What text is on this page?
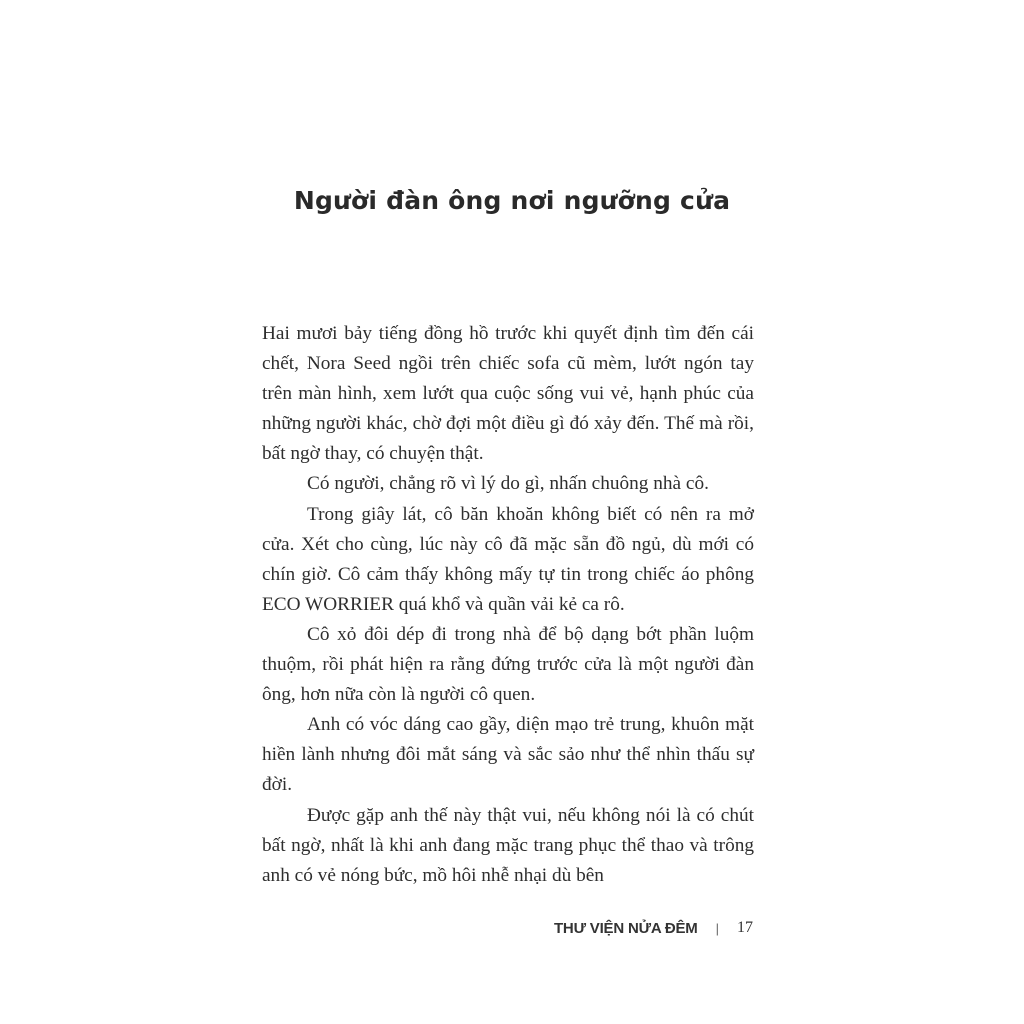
Người đàn ông nơi ngưỡng cửa

Hai mươi bảy tiếng đồng hồ trước khi quyết định tìm đến cái chết, Nora Seed ngồi trên chiếc sofa cũ mèm, lướt ngón tay trên màn hình, xem lướt qua cuộc sống vui vẻ, hạnh phúc của những người khác, chờ đợi một điều gì đó xảy đến. Thế mà rồi, bất ngờ thay, có chuyện thật.

Có người, chẳng rõ vì lý do gì, nhấn chuông nhà cô.

Trong giây lát, cô băn khoăn không biết có nên ra mở cửa. Xét cho cùng, lúc này cô đã mặc sẵn đồ ngủ, dù mới có chín giờ. Cô cảm thấy không mấy tự tin trong chiếc áo phông ECO WORRIER quá khổ và quần vải kẻ ca rô.

Cô xỏ đôi dép đi trong nhà để bộ dạng bớt phần luộm thuộm, rồi phát hiện ra rằng đứng trước cửa là một người đàn ông, hơn nữa còn là người cô quen.

Anh có vóc dáng cao gầy, diện mạo trẻ trung, khuôn mặt hiền lành nhưng đôi mắt sáng và sắc sảo như thể nhìn thấu sự đời.

Được gặp anh thế này thật vui, nếu không nói là có chút bất ngờ, nhất là khi anh đang mặc trang phục thể thao và trông anh có vẻ nóng bức, mồ hôi nhễ nhại dù bên

THƯ VIỆN NỬA ĐÊM | 17
